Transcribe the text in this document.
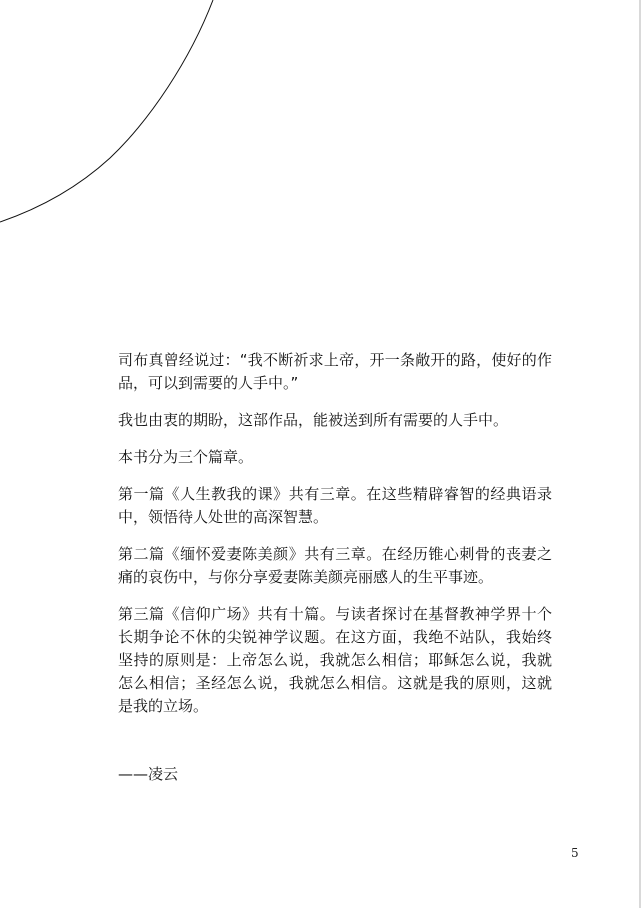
司布真曾经说过：“我不断祈求上帝，开一条敞开的路，使好的作品，可以到需要的人手中。”

我也由衷的期盼，这部作品，能被送到所有需要的人手中。

本书分为三个篇章。

第一篇《人生教我的课》共有三章。在这些精辟睿智的经典语录中，领悟待人处世的高深智慧。

第二篇《缅怀爱妻陈美颜》共有三章。在经历锥心刺骨的丧妻之痛的哀伤中，与你分享爱妻陈美颜亮丽感人的生平事迹。

第三篇《信仰广场》共有十篇。与读者探讨在基督教神学界十个长期争论不休的尖锐神学议题。在这方面，我绝不站队，我始终坚持的原则是：上帝怎么说，我就怎么相信；耶稣怎么说，我就怎么相信；圣经怎么说，我就怎么相信。这就是我的原则，这就是我的立场。

——凌云

5
